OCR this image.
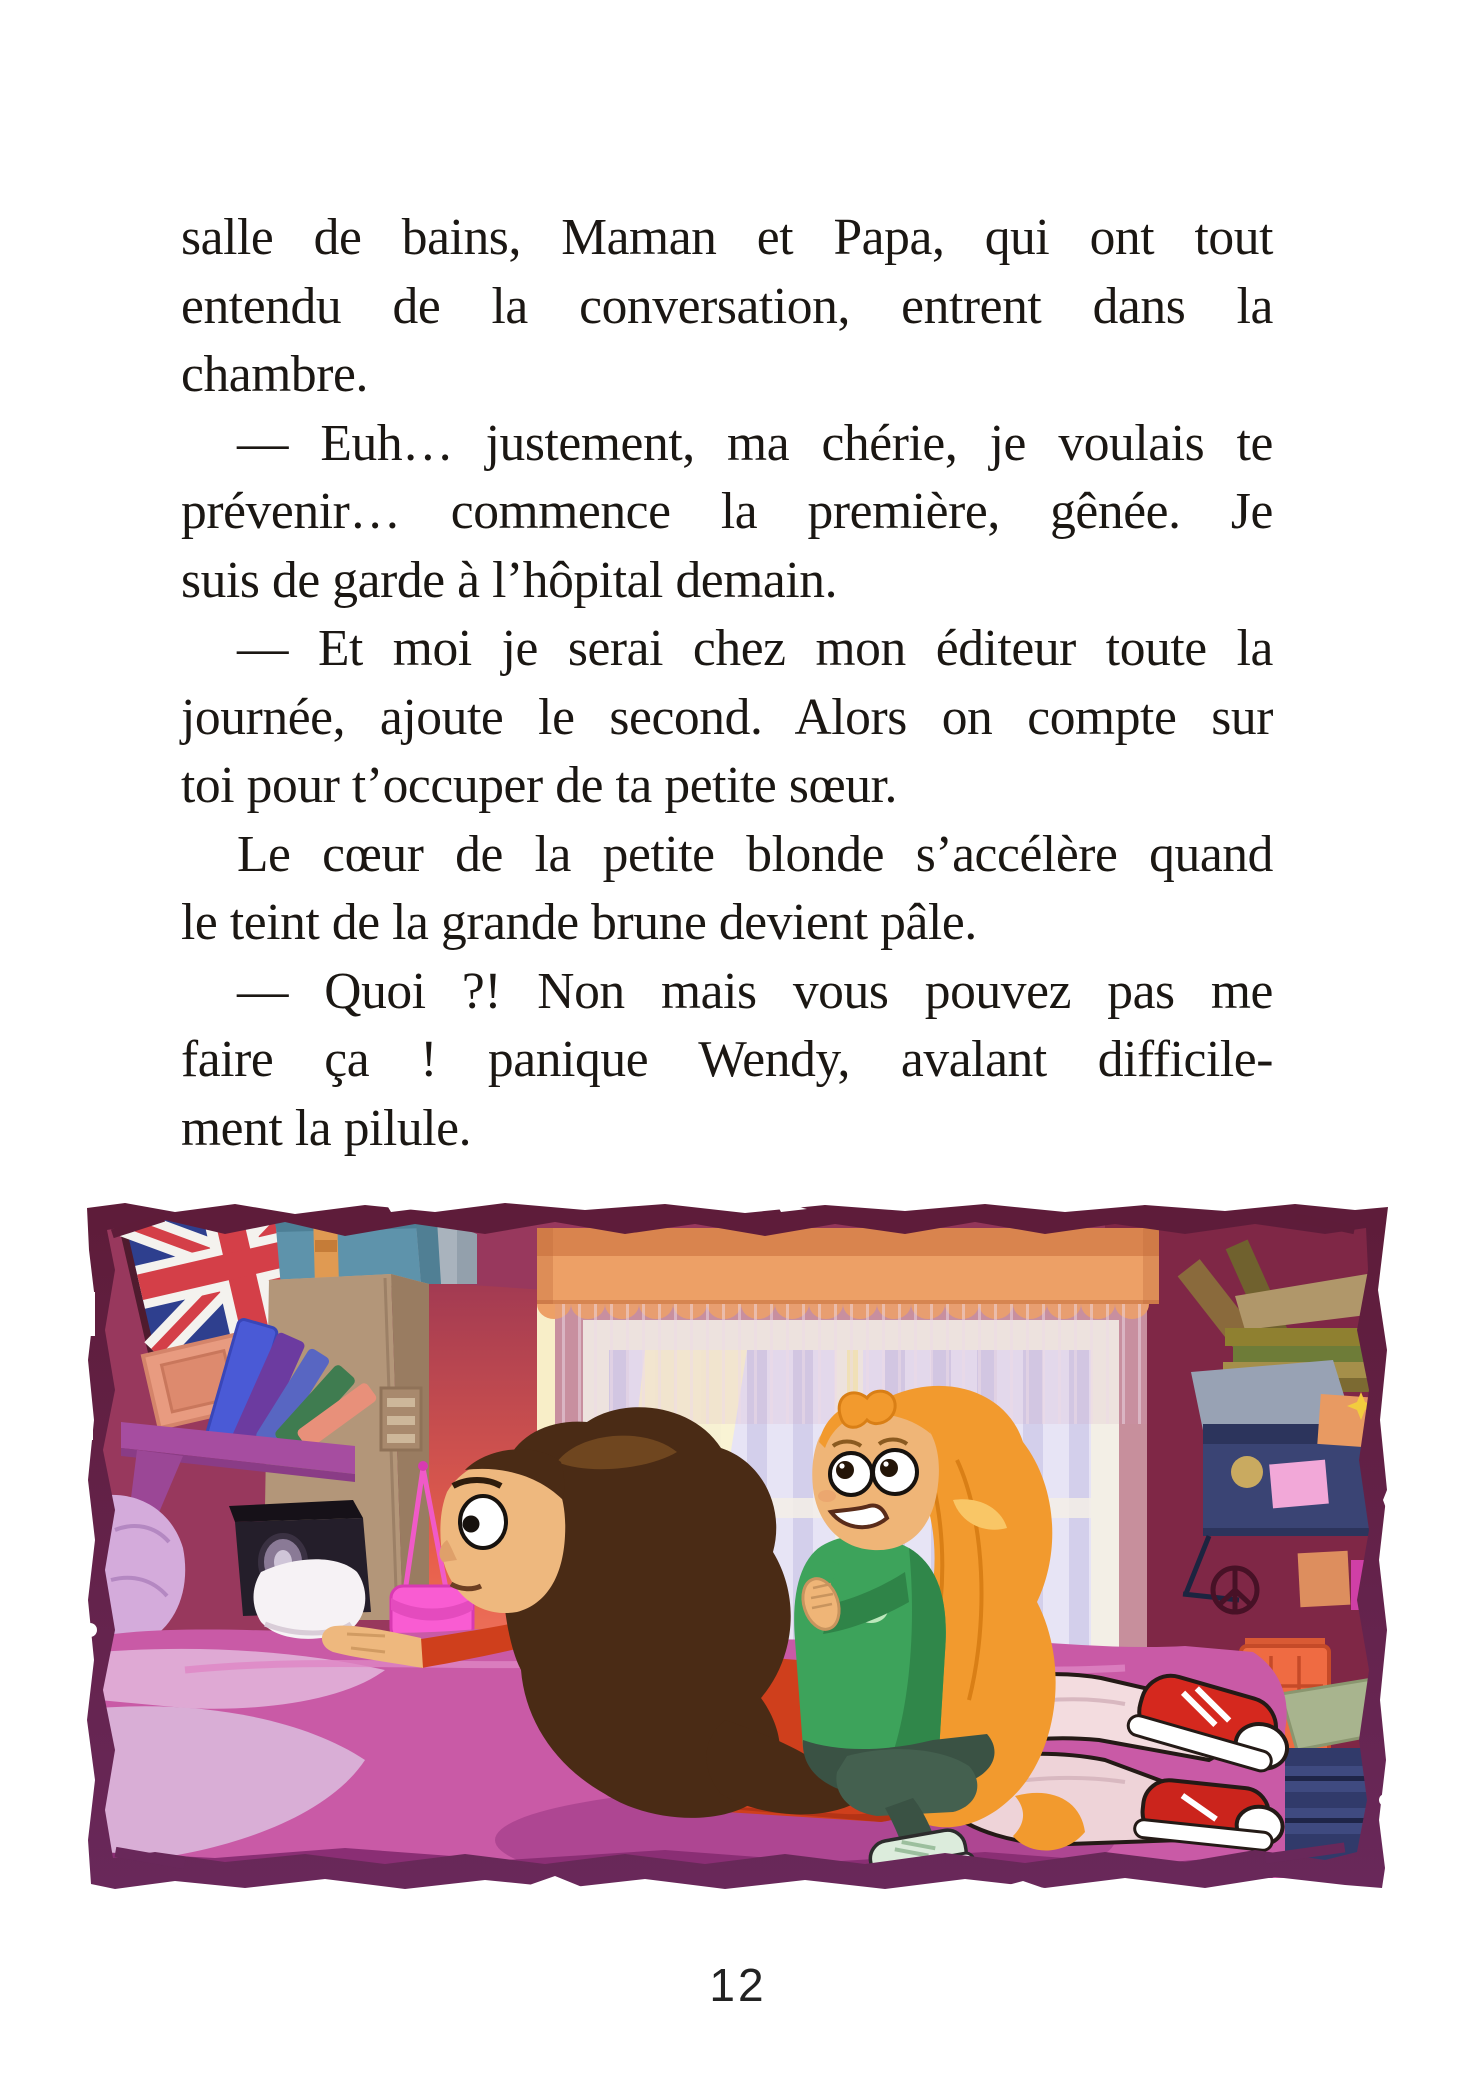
salle de bains, Maman et Papa, qui ont tout
entendu de la conversation, entrent dans la
chambre.
— Euh… justement, ma chérie, je voulais te
prévenir… commence la première, gênée. Je
suis de garde à l’hôpital demain.
— Et moi je serai chez mon éditeur toute la
journée, ajoute le second. Alors on compte sur
toi pour t’occuper de ta petite sœur.
Le cœur de la petite blonde s’accélère quand
le teint de la grande brune devient pâle.
— Quoi ?! Non mais vous pouvez pas me
faire ça ! panique Wendy, avalant difficile-
ment la pilule.
12
